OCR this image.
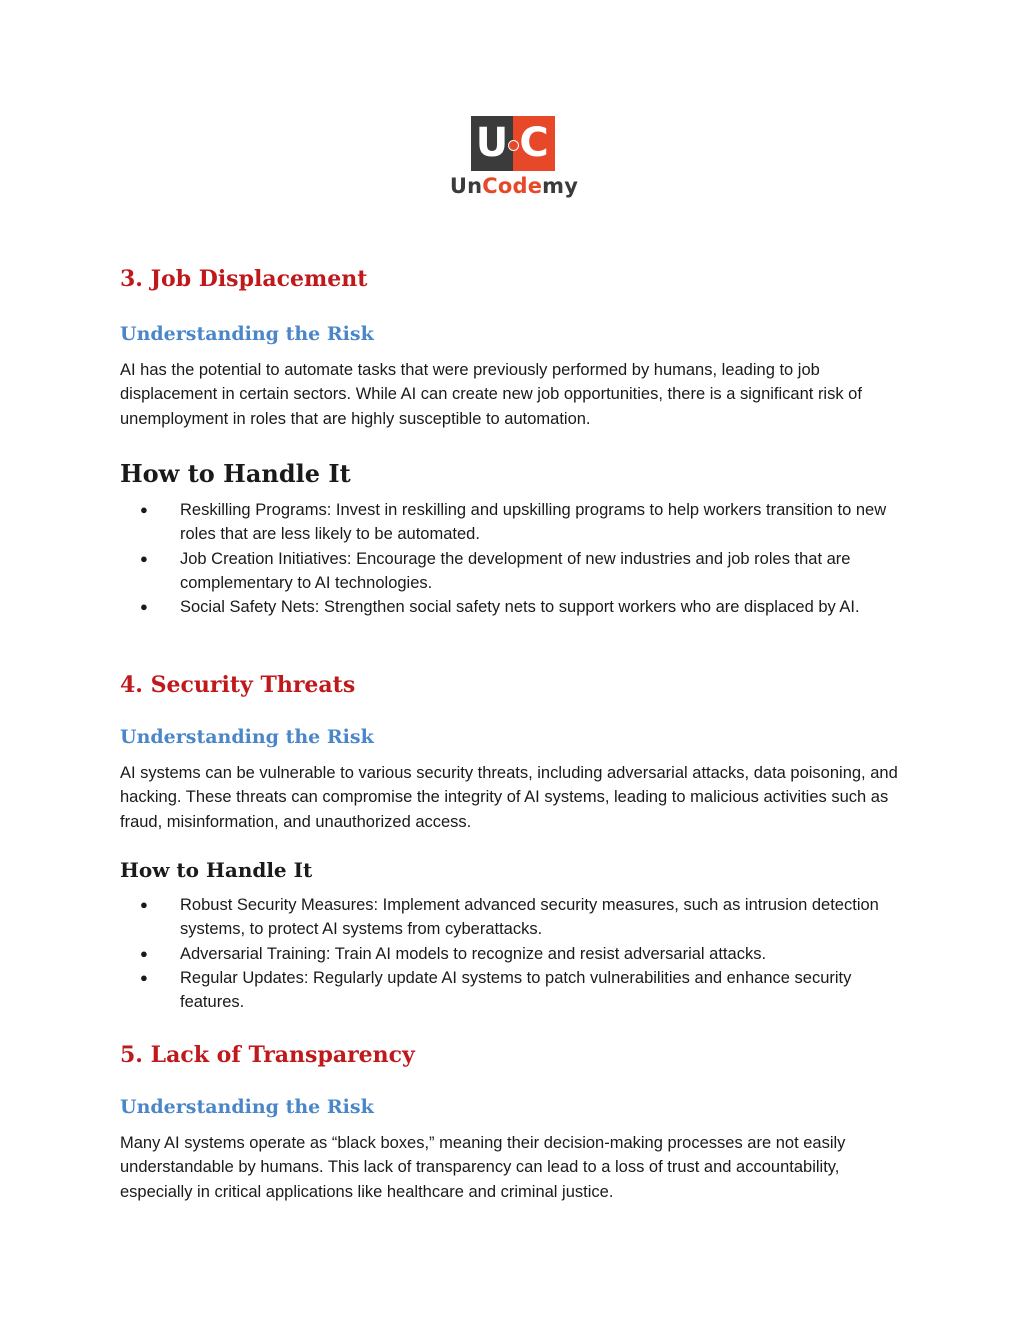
U C
UnCodemy
3. Job Displacement
Understanding the Risk

AI has the potential to automate tasks that were previously performed by humans, leading to job displacement in certain sectors. While AI can create new job opportunities, there is a significant risk of unemployment in roles that are highly susceptible to automation.

How to Handle It
● Reskilling Programs: Invest in reskilling and upskilling programs to help workers transition to new roles that are less likely to be automated.
● Job Creation Initiatives: Encourage the development of new industries and job roles that are complementary to AI technologies.
● Social Safety Nets: Strengthen social safety nets to support workers who are displaced by AI.
4. Security Threats
Understanding the Risk

AI systems can be vulnerable to various security threats, including adversarial attacks, data poisoning, and hacking. These threats can compromise the integrity of AI systems, leading to malicious activities such as fraud, misinformation, and unauthorized access.

How to Handle It
● Robust Security Measures: Implement advanced security measures, such as intrusion detection systems, to protect AI systems from cyberattacks.
● Adversarial Training: Train AI models to recognize and resist adversarial attacks.
● Regular Updates: Regularly update AI systems to patch vulnerabilities and enhance security features.
5. Lack of Transparency
Understanding the Risk

Many AI systems operate as “black boxes,” meaning their decision-making processes are not easily understandable by humans. This lack of transparency can lead to a loss of trust and accountability, especially in critical applications like healthcare and criminal justice.
